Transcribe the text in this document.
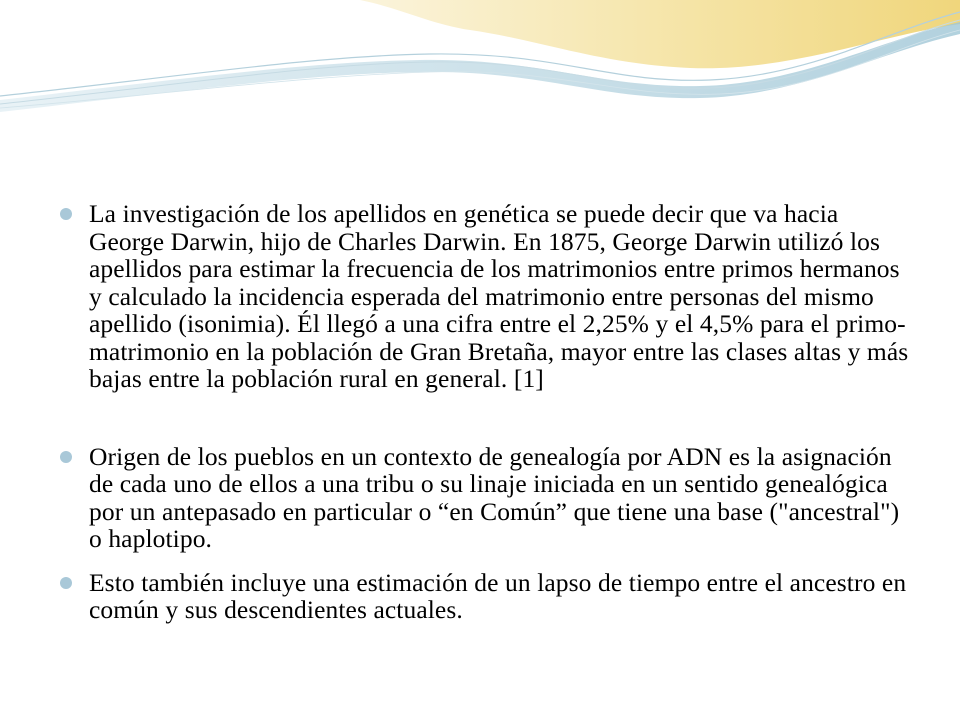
La investigación de los apellidos en genética se puede decir que va hacia George Darwin, hijo de Charles Darwin. En 1875, George Darwin utilizó los apellidos para estimar la frecuencia de los matrimonios entre primos hermanos y calculado la incidencia esperada del matrimonio entre personas del mismo apellido (isonimia). Él llegó a una cifra entre el 2,25% y el 4,5% para el primo-matrimonio en la población de Gran Bretaña, mayor entre las clases altas y más bajas entre la población rural en general. [1]
Origen de los pueblos en un contexto de genealogía por ADN es la asignación de cada uno de ellos a una tribu o su linaje iniciada en un sentido genealógica por un antepasado en particular o “en Común” que tiene una base ("ancestral") o haplotipo.
Esto también incluye una estimación de un lapso de tiempo entre el ancestro en común y sus descendientes actuales.
